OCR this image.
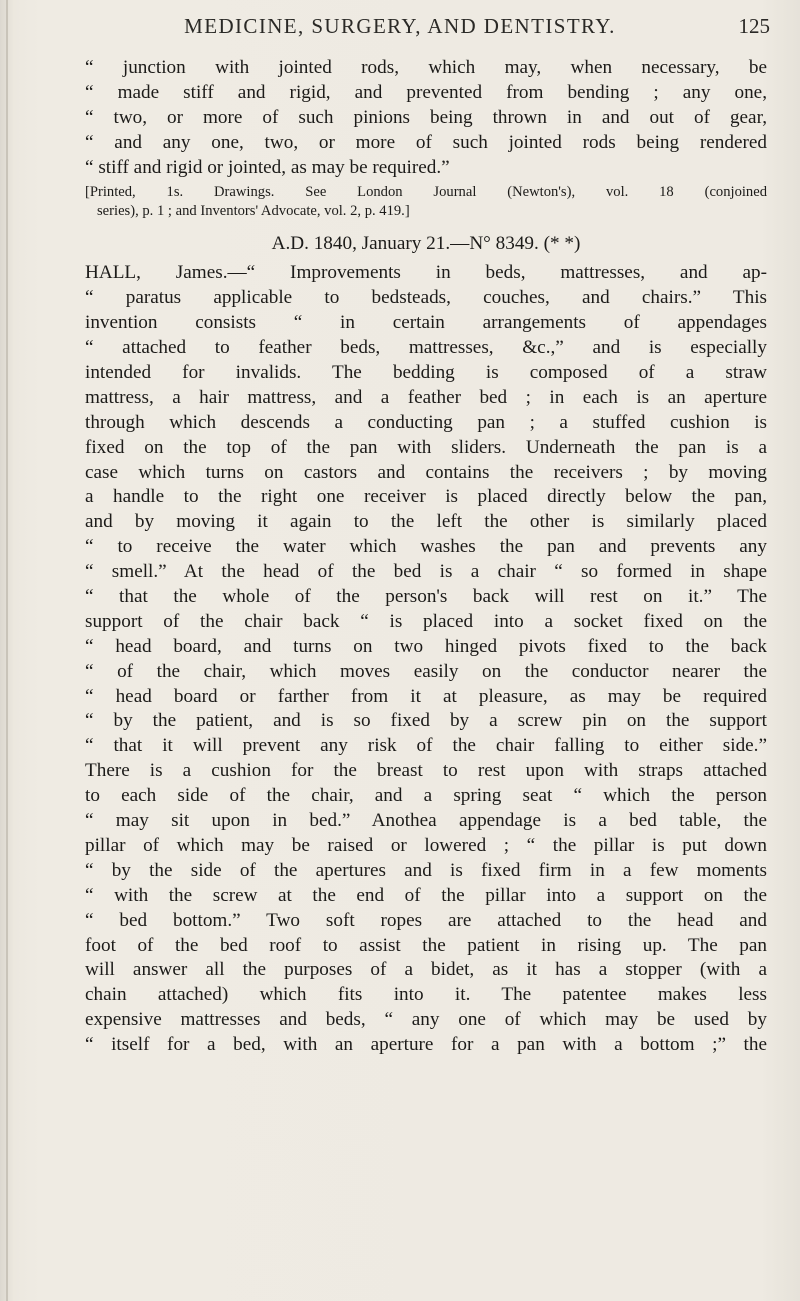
MEDICINE, SURGERY, AND DENTISTRY.	125
“ junction with jointed rods, which may, when necessary, be
“ made stiff and rigid, and prevented from bending ; any one,
“ two, or more of such pinions being thrown in and out of gear,
“ and any one, two, or more of such jointed rods being rendered
“ stiff and rigid or jointed, as may be required.”
[Printed, 1s. Drawings. See London Journal (Newton's), vol. 18 (conjoined
series), p. 1 ; and Inventors' Advocate, vol. 2, p. 419.]
A.D. 1840, January 21.—N° 8349. (* *)
HALL, James.—“ Improvements in beds, mattresses, and ap-
“ paratus applicable to bedsteads, couches, and chairs.” This
invention consists “ in certain arrangements of appendages
“ attached to feather beds, mattresses, &c.,” and is especially
intended for invalids. The bedding is composed of a straw
mattress, a hair mattress, and a feather bed ; in each is an aperture
through which descends a conducting pan ; a stuffed cushion is
fixed on the top of the pan with sliders. Underneath the pan is a
case which turns on castors and contains the receivers ; by moving
a handle to the right one receiver is placed directly below the pan,
and by moving it again to the left the other is similarly placed
“ to receive the water which washes the pan and prevents any
“ smell.” At the head of the bed is a chair “ so formed in shape
“ that the whole of the person's back will rest on it.” The
support of the chair back “ is placed into a socket fixed on the
“ head board, and turns on two hinged pivots fixed to the back
“ of the chair, which moves easily on the conductor nearer the
“ head board or farther from it at pleasure, as may be required
“ by the patient, and is so fixed by a screw pin on the support
“ that it will prevent any risk of the chair falling to either side.”
There is a cushion for the breast to rest upon with straps attached
to each side of the chair, and a spring seat “ which the person
“ may sit upon in bed.” Anothea appendage is a bed table, the
pillar of which may be raised or lowered ; “ the pillar is put down
“ by the side of the apertures and is fixed firm in a few moments
“ with the screw at the end of the pillar into a support on the
“ bed bottom.” Two soft ropes are attached to the head and
foot of the bed roof to assist the patient in rising up. The pan
will answer all the purposes of a bidet, as it has a stopper (with a
chain attached) which fits into it. The patentee makes less
expensive mattresses and beds, “ any one of which may be used by
“ itself for a bed, with an aperture for a pan with a bottom ;” the
